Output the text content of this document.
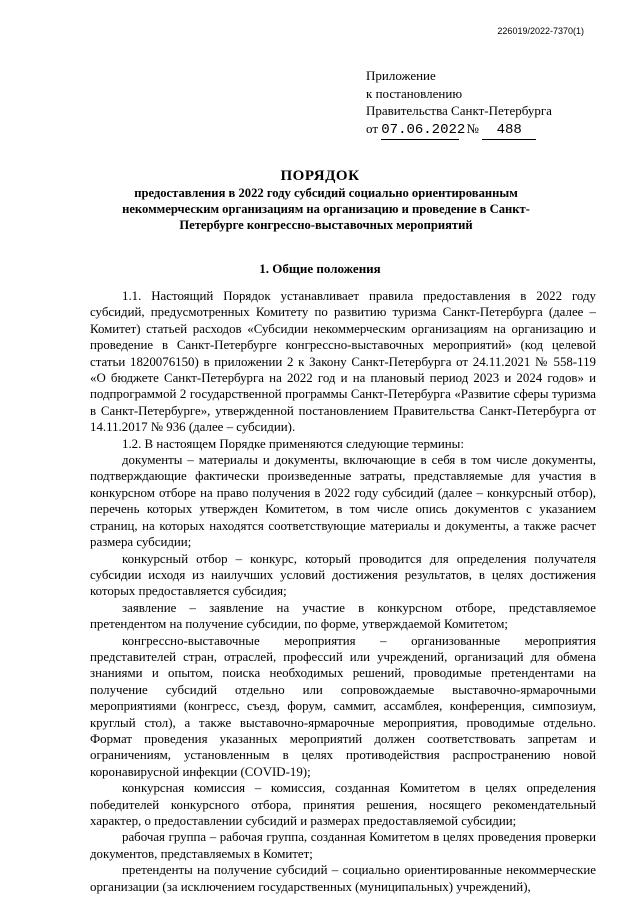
226019/2022-7370(1)
Приложение
к постановлению
Правительства Санкт-Петербурга
от 07.06.2022 № 488
ПОРЯДОК
предоставления в 2022 году субсидий социально ориентированным некоммерческим организациям на организацию и проведение в Санкт-Петербурге конгрессно-выставочных мероприятий
1. Общие положения

1.1. Настоящий Порядок устанавливает правила предоставления в 2022 году субсидий, предусмотренных Комитету по развитию туризма Санкт-Петербурга (далее – Комитет) статьей расходов «Субсидии некоммерческим организациям на организацию и проведение в Санкт-Петербурге конгрессно-выставочных мероприятий» (код целевой статьи 1820076150) в приложении 2 к Закону Санкт-Петербурга от 24.11.2021 № 558-119 «О бюджете Санкт-Петербурга на 2022 год и на плановый период 2023 и 2024 годов» и подпрограммой 2 государственной программы Санкт-Петербурга «Развитие сферы туризма в Санкт-Петербурге», утвержденной постановлением Правительства Санкт-Петербурга от 14.11.2017 № 936 (далее – субсидии).

1.2. В настоящем Порядке применяются следующие термины:

документы – материалы и документы, включающие в себя в том числе документы, подтверждающие фактически произведенные затраты, представляемые для участия в конкурсном отборе на право получения в 2022 году субсидий (далее – конкурсный отбор), перечень которых утвержден Комитетом, в том числе опись документов с указанием страниц, на которых находятся соответствующие материалы и документы, а также расчет размера субсидии;

конкурсный отбор – конкурс, который проводится для определения получателя субсидии исходя из наилучших условий достижения результатов, в целях достижения которых предоставляется субсидия;

заявление – заявление на участие в конкурсном отборе, представляемое претендентом на получение субсидии, по форме, утверждаемой Комитетом;

конгрессно-выставочные мероприятия – организованные мероприятия представителей стран, отраслей, профессий или учреждений, организаций для обмена знаниями и опытом, поиска необходимых решений, проводимые претендентами на получение субсидий отдельно или сопровождаемые выставочно-ярмарочными мероприятиями (конгресс, съезд, форум, саммит, ассамблея, конференция, симпозиум, круглый стол), а также выставочно-ярмарочные мероприятия, проводимые отдельно. Формат проведения указанных мероприятий должен соответствовать запретам и ограничениям, установленным в целях противодействия распространению новой коронавирусной инфекции (COVID-19);

конкурсная комиссия – комиссия, созданная Комитетом в целях определения победителей конкурсного отбора, принятия решения, носящего рекомендательный характер, о предоставлении субсидий и размерах предоставляемой субсидии;

рабочая группа – рабочая группа, созданная Комитетом в целях проведения проверки документов, представляемых в Комитет;

претенденты на получение субсидий – социально ориентированные некоммерческие организации (за исключением государственных (муниципальных) учреждений),
